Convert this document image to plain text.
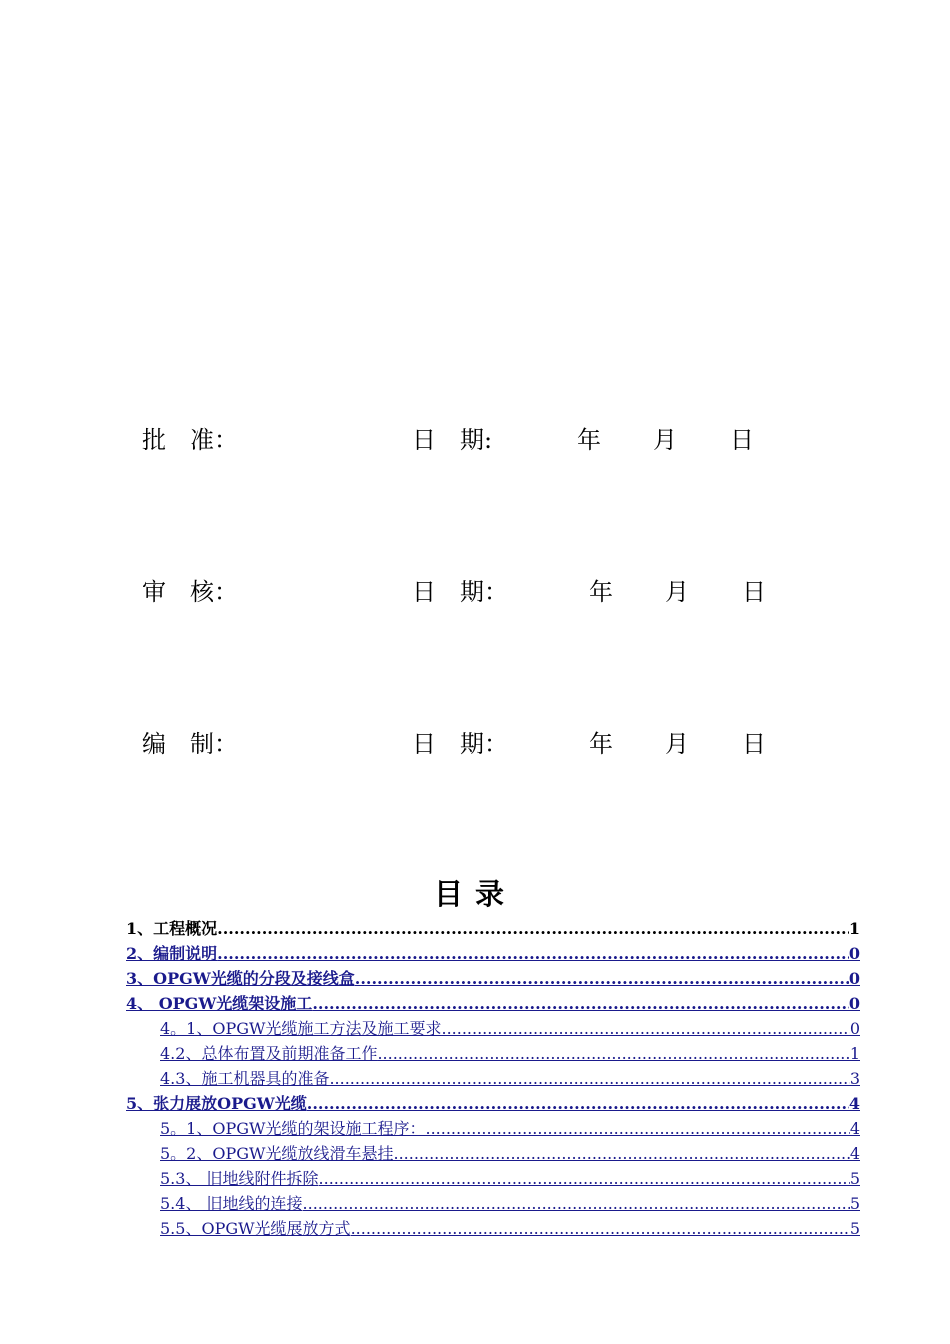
批　准：	日　期:	年 月 日
审　核：	日　期：	年 月 日
编　制：	日　期：	年 月 日
目录
1、工程概况 .....	1
2、编制说明 .....	0
3、OPGW光缆的分段及接线盒 .....	0
4、 OPGW光缆架设施工 .....	0
4。1、OPGW光缆施工方法及施工要求 .....	0
4.2、总体布置及前期准备工作 .....	1
4.3、施工机器具的准备 .....	3
5、张力展放OPGW光缆 .....	4
5。1、OPGW光缆的架设施工程序： .....	4
5。2、OPGW光缆放线滑车悬挂 .....	4
5.3、 旧地线附件拆除 .....	5
5.4、 旧地线的连接 .....	5
5.5、OPGW光缆展放方式 .....	5
